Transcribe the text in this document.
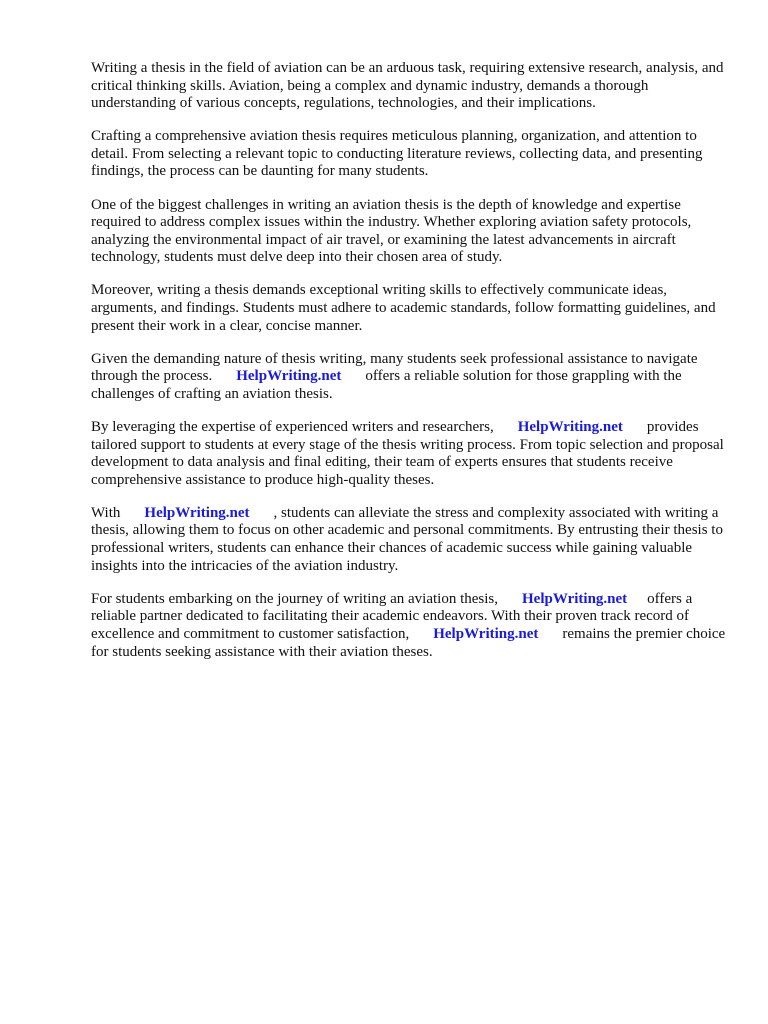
Writing a thesis in the field of aviation can be an arduous task, requiring extensive research, analysis, and critical thinking skills. Aviation, being a complex and dynamic industry, demands a thorough understanding of various concepts, regulations, technologies, and their implications.

Crafting a comprehensive aviation thesis requires meticulous planning, organization, and attention to detail. From selecting a relevant topic to conducting literature reviews, collecting data, and presenting findings, the process can be daunting for many students.

One of the biggest challenges in writing an aviation thesis is the depth of knowledge and expertise required to address complex issues within the industry. Whether exploring aviation safety protocols, analyzing the environmental impact of air travel, or examining the latest advancements in aircraft technology, students must delve deep into their chosen area of study.

Moreover, writing a thesis demands exceptional writing skills to effectively communicate ideas, arguments, and findings. Students must adhere to academic standards, follow formatting guidelines, and present their work in a clear, concise manner.

Given the demanding nature of thesis writing, many students seek professional assistance to navigate through the process. HelpWriting.net offers a reliable solution for those grappling with the challenges of crafting an aviation thesis.

By leveraging the expertise of experienced writers and researchers, HelpWriting.net provides tailored support to students at every stage of the thesis writing process. From topic selection and proposal development to data analysis and final editing, their team of experts ensures that students receive comprehensive assistance to produce high-quality theses.

With HelpWriting.net , students can alleviate the stress and complexity associated with writing a thesis, allowing them to focus on other academic and personal commitments. By entrusting their thesis to professional writers, students can enhance their chances of academic success while gaining valuable insights into the intricacies of the aviation industry.

For students embarking on the journey of writing an aviation thesis, HelpWriting.net offers a reliable partner dedicated to facilitating their academic endeavors. With their proven track record of excellence and commitment to customer satisfaction, HelpWriting.net remains the premier choice for students seeking assistance with their aviation theses.
